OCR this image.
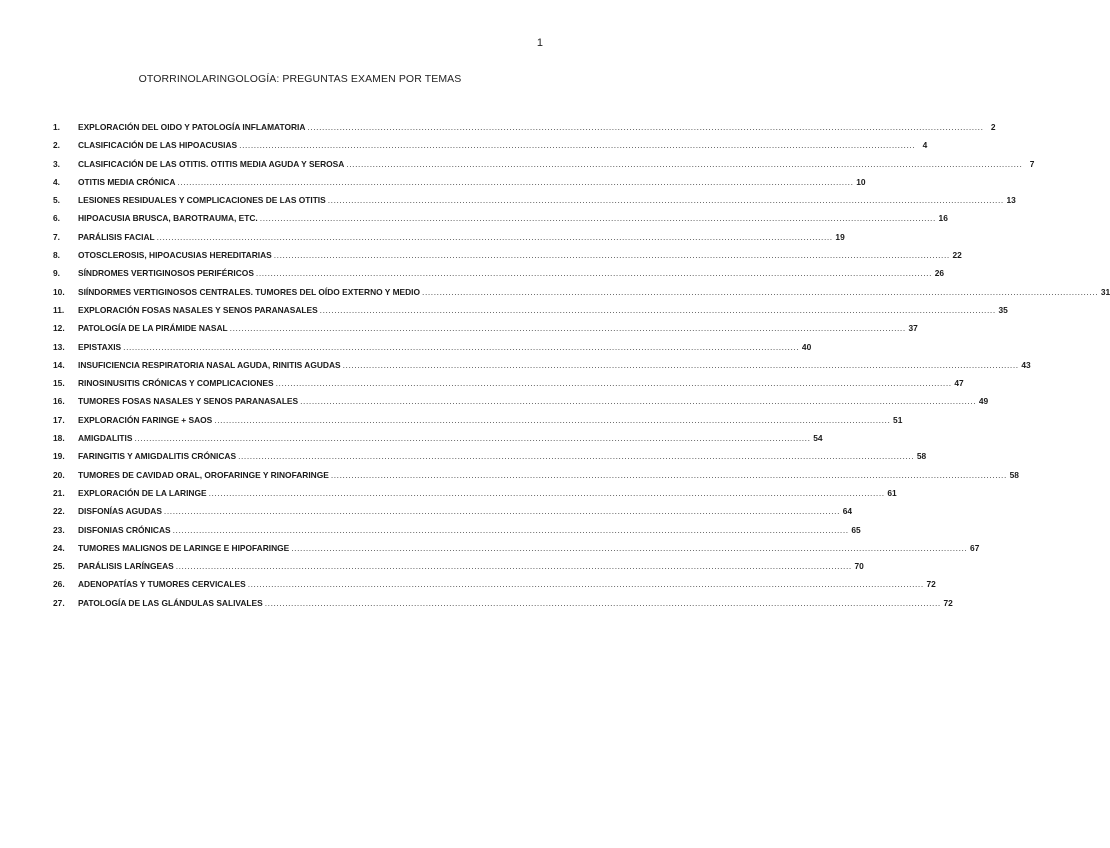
1
OTORRINOLARINGOLOGÍA: PREGUNTAS EXAMEN POR TEMAS
1.	EXPLORACIÓN DEL OIDO Y PATOLOGÍA INFLAMATORIA .....	2
2.	CLASIFICACIÓN DE LAS HIPOACUSIAS .....	4
3.	CLASIFICACIÓN DE LAS OTITIS. OTITIS MEDIA AGUDA Y SEROSA .....	7
4.	OTITIS MEDIA CRÓNICA .....	10
5.	LESIONES RESIDUALES Y COMPLICACIONES DE LAS OTITIS .....	13
6.	HIPOACUSIA BRUSCA, BAROTRAUMA, ETC. .....	16
7.	PARÁLISIS FACIAL .....	19
8.	OTOSCLEROSIS, HIPOACUSIAS HEREDITARIAS .....	22
9.	SÍNDROMES VERTIGINOSOS PERIFÉRICOS .....	26
10.	SIÍNDORMES VERTIGINOSOS CENTRALES. TUMORES DEL OÍDO EXTERNO Y MEDIO .....	31
11.	EXPLORACIÓN FOSAS NASALES Y SENOS PARANASALES .....	35
12.	PATOLOGÍA DE LA PIRÁMIDE NASAL .....	37
13.	EPISTAXIS .....	40
14.	INSUFICIENCIA RESPIRATORIA NASAL AGUDA, RINITIS AGUDAS .....	43
15.	RINOSINUSITIS CRÓNICAS Y COMPLICACIONES .....	47
16.	TUMORES FOSAS NASALES Y SENOS PARANASALES .....	49
17.	EXPLORACIÓN FARINGE + SAOS .....	51
18.	AMIGDALITIS .....	54
19.	FARINGITIS Y AMIGDALITIS CRÓNICAS .....	58
20.	TUMORES DE CAVIDAD ORAL, OROFARINGE Y RINOFARINGE .....	58
21.	EXPLORACIÓN DE LA LARINGE .....	61
22.	DISFONÍAS AGUDAS .....	64
23.	DISFONIAS CRÓNICAS .....	65
24.	TUMORES MALIGNOS DE LARINGE E HIPOFARINGE .....	67
25.	PARÁLISIS LARÍNGEAS .....	70
26.	ADENOPATÍAS Y TUMORES CERVICALES .....	72
27.	PATOLOGÍA DE LAS GLÁNDULAS SALIVALES .....	72
